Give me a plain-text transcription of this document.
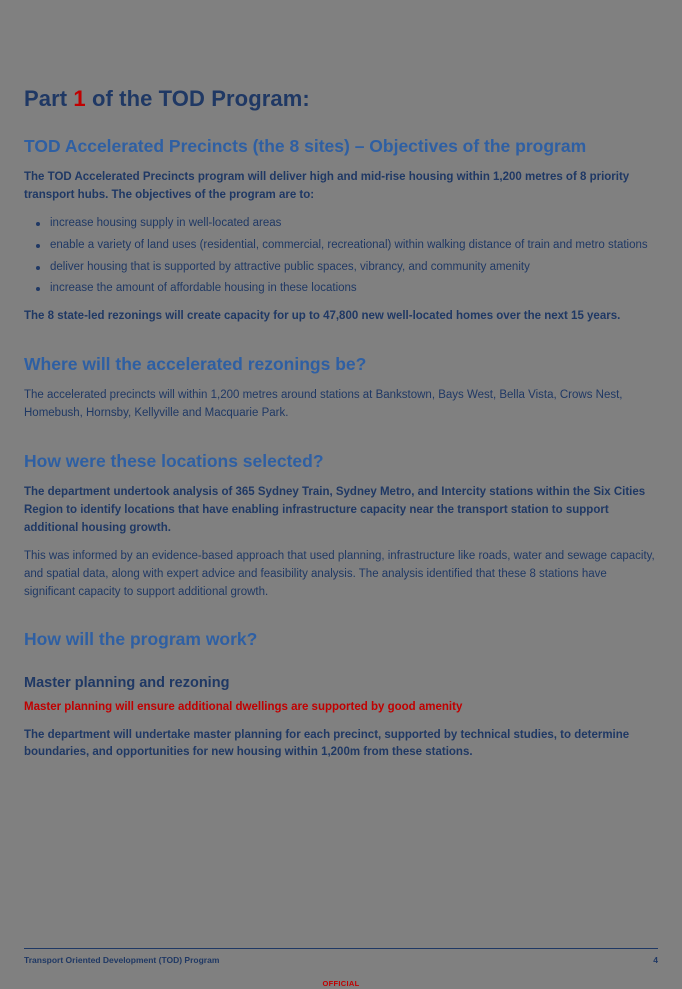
Part 1 of the TOD Program:
TOD Accelerated Precincts (the 8 sites) – Objectives of the program

The TOD Accelerated Precincts program will deliver high and mid-rise housing within 1,200 metres of 8 priority transport hubs. The objectives of the program are to:

increase housing supply in well-located areas
enable a variety of land uses (residential, commercial, recreational) within walking distance of train and metro stations
deliver housing that is supported by attractive public spaces, vibrancy, and community amenity
increase the amount of affordable housing in these locations

The 8 state-led rezonings will create capacity for up to 47,800 new well-located homes over the next 15 years.

Where will the accelerated rezonings be?

The accelerated precincts will within 1,200 metres around stations at Bankstown, Bays West, Bella Vista, Crows Nest, Homebush, Hornsby, Kellyville and Macquarie Park.

How were these locations selected?

The department undertook analysis of 365 Sydney Train, Sydney Metro, and Intercity stations within the Six Cities Region to identify locations that have enabling infrastructure capacity near the transport station to support additional housing growth.

This was informed by an evidence-based approach that used planning, infrastructure like roads, water and sewage capacity, and spatial data, along with expert advice and feasibility analysis. The analysis identified that these 8 stations have significant capacity to support additional growth.

How will the program work?
Master planning and rezoning

Master planning will ensure additional dwellings are supported by good amenity

The department will undertake master planning for each precinct, supported by technical studies, to determine boundaries, and opportunities for new housing within 1,200m from these stations.

Transport Oriented Development (TOD) Program	4
OFFICIAL
